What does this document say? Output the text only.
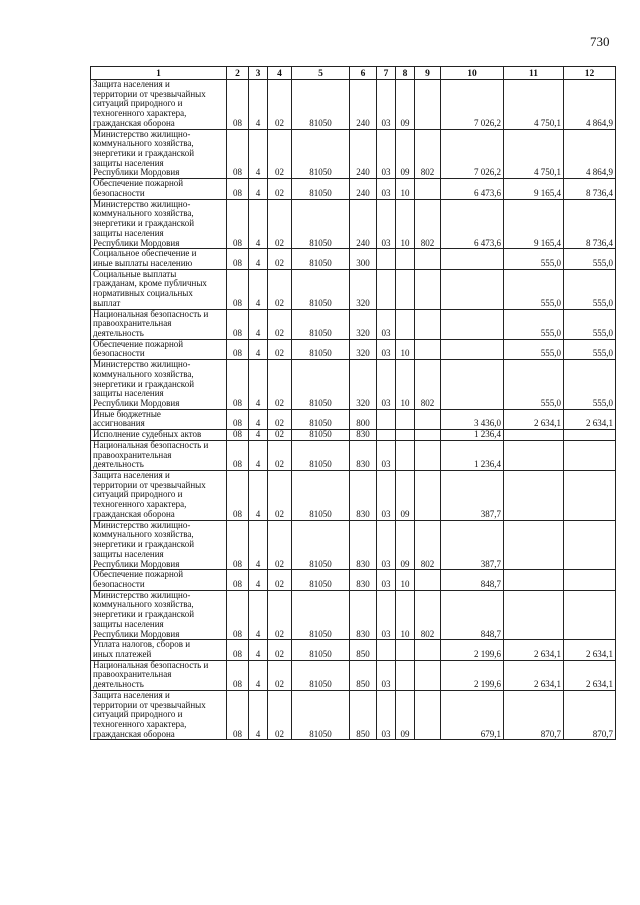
730
1	2	3	4	5	6	7	8	9	10	11	12

Защита населения и
территории от чрезвычайных
ситуаций природного и
техногенного характера,
гражданская оборона	08	4	02	81050	240	03	09		7 026,2	4 750,1	4 864,9

Министерство жилищно-
коммунального хозяйства,
энергетики и гражданской
защиты населения
Республики Мордовия	08	4	02	81050	240	03	09	802	7 026,2	4 750,1	4 864,9

Обеспечение пожарной
безопасности	08	4	02	81050	240	03	10		6 473,6	9 165,4	8 736,4

Министерство жилищно-
коммунального хозяйства,
энергетики и гражданской
защиты населения
Республики Мордовия	08	4	02	81050	240	03	10	802	6 473,6	9 165,4	8 736,4

Социальное обеспечение и
иные выплаты населению	08	4	02	81050	300					555,0	555,0

Социальные выплаты
гражданам, кроме публичных
нормативных социальных
выплат	08	4	02	81050	320					555,0	555,0

Национальная безопасность и
правоохранительная
деятельность	08	4	02	81050	320	03				555,0	555,0

Обеспечение пожарной
безопасности	08	4	02	81050	320	03	10			555,0	555,0

Министерство жилищно-
коммунального хозяйства,
энергетики и гражданской
защиты населения
Республики Мордовия	08	4	02	81050	320	03	10	802		555,0	555,0

Иные бюджетные
ассигнования	08	4	02	81050	800				3 436,0	2 634,1	2 634,1

Исполнение судебных актов	08	4	02	81050	830				1 236,4		

Национальная безопасность и
правоохранительная
деятельность	08	4	02	81050	830	03			1 236,4		

Защита населения и
территории от чрезвычайных
ситуаций природного и
техногенного характера,
гражданская оборона	08	4	02	81050	830	03	09		387,7		

Министерство жилищно-
коммунального хозяйства,
энергетики и гражданской
защиты населения
Республики Мордовия	08	4	02	81050	830	03	09	802	387,7		

Обеспечение пожарной
безопасности	08	4	02	81050	830	03	10		848,7		

Министерство жилищно-
коммунального хозяйства,
энергетики и гражданской
защиты населения
Республики Мордовия	08	4	02	81050	830	03	10	802	848,7		

Уплата налогов, сборов и
иных платежей	08	4	02	81050	850				2 199,6	2 634,1	2 634,1

Национальная безопасность и
правоохранительная
деятельность	08	4	02	81050	850	03			2 199,6	2 634,1	2 634,1

Защита населения и
территории от чрезвычайных
ситуаций природного и
техногенного характера,
гражданская оборона	08	4	02	81050	850	03	09		679,1	870,7	870,7
